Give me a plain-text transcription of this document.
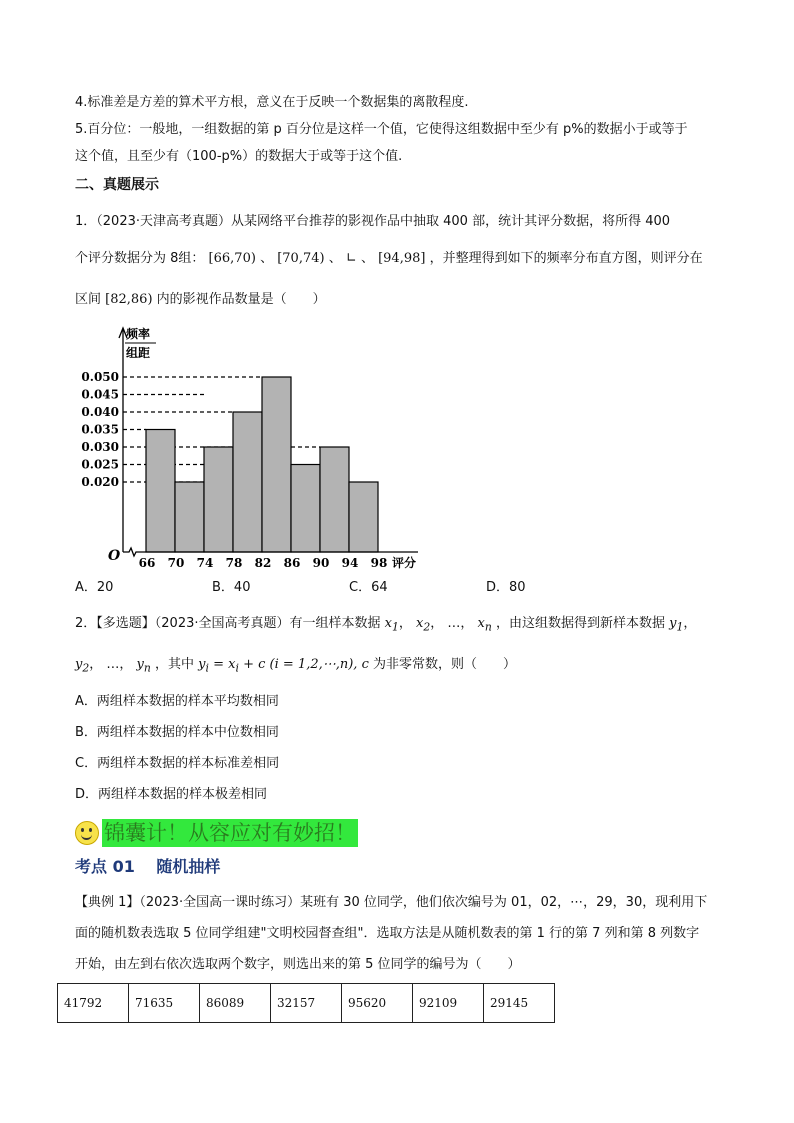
4.标准差是方差的算术平方根，意义在于反映一个数据集的离散程度.
5.百分位：一般地，一组数据的第 p 百分位是这样一个值，它使得这组数据中至少有 p%的数据小于或等于
这个值，且至少有（100-p%）的数据大于或等于这个值.
二、真题展示
1．（2023·天津高考真题）从某网络平台推荐的影视作品中抽取 400 部，统计其评分数据，将所得 400
个评分数据分为 8组： [66,70) 、 [70,74) 、 ∟ 、 [94,98] ，并整理得到如下的频率分布直方图，则评分在
区间 [82,86) 内的影视作品数量是（　　）
0.050
0.045
0.040
0.035
0.030
0.025
0.020
66 70 74 78 82 86 90 94 98 评分
O
频率
组距
A．20	B．40	C．64	D．80
2．【多选题】（2023·全国高考真题）有一组样本数据 $x_1$， $x_2$， …， $x_n$ ，由这组数据得到新样本数据 $y_1$，
$y_2$， …， $y_n$ ，其中 $y_i = x_i + c$ (i = 1,2,⋯,n), c 为非零常数，则（　　）
A．两组样本数据的样本平均数相同
B．两组样本数据的样本中位数相同
C．两组样本数据的样本标准差相同
D．两组样本数据的样本极差相同
锦囊计！从容应对有妙招！
考点 01　 随机抽样
【典例 1】（2023·全国高一课时练习）某班有 30 位同学，他们依次编号为 01，02，⋯，29，30，现利用下
面的随机数表选取 5 位同学组建"文明校园督查组"．选取方法是从随机数表的第 1 行的第 7 列和第 8 列数字
开始，由左到右依次选取两个数字，则选出来的第 5 位同学的编号为（　　）
41792	71635	86089	32157	95620	92109	29145
